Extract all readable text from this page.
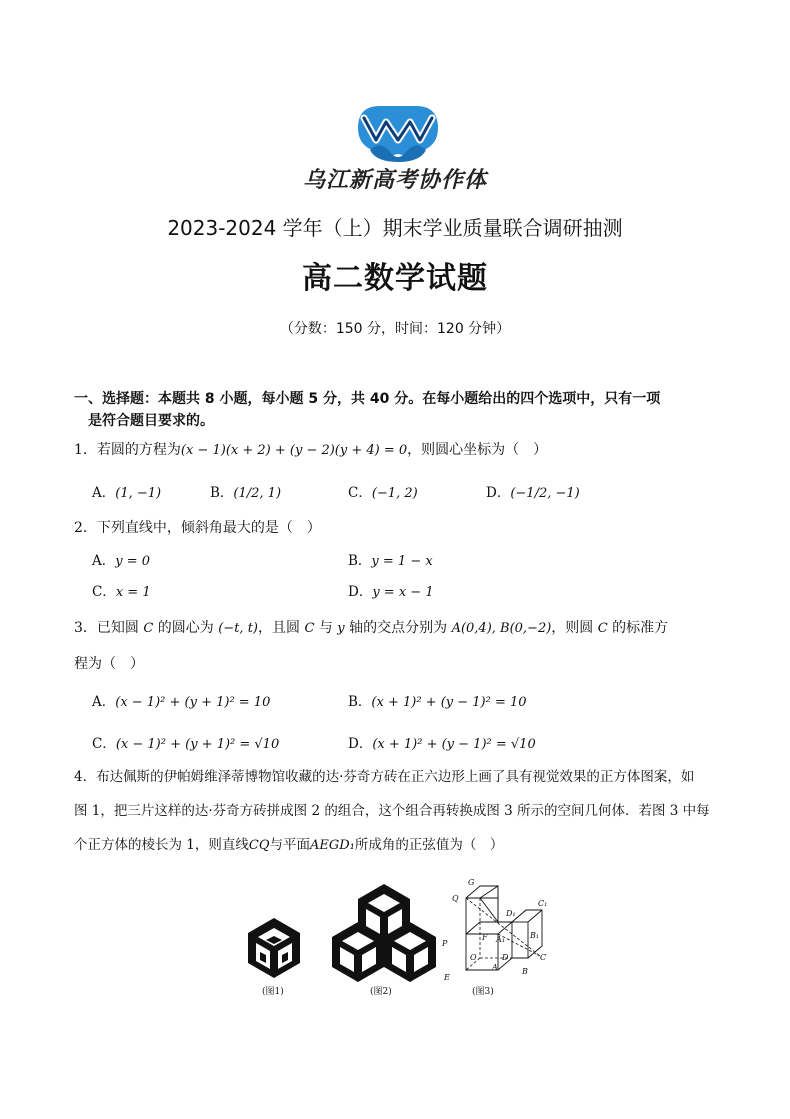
乌江新高考协作体
2023-2024 学年（上）期末学业质量联合调研抽测
高二数学试题
（分数：150 分，时间：120 分钟）
一、选择题：本题共 8 小题，每小题 5 分，共 40 分。在每小题给出的四个选项中，只有一项
是符合题目要求的。
1．若圆的方程为(x − 1)(x + 2) + (y − 2)(y + 4) = 0，则圆心坐标为（　）
A．(1, −1)	B．(1/2, 1)	C．(−1, 2)	D．(−1/2, −1)
2．下列直线中，倾斜角最大的是（　）
A．y = 0	B．y = 1 − x
C．x = 1	D．y = x − 1
3．已知圆 C 的圆心为 (−t, t)，且圆 C 与 y 轴的交点分别为 A(0,4), B(0,−2)，则圆 C 的标准方
程为（　）
A．(x − 1)² + (y + 1)² = 10	B．(x + 1)² + (y − 1)² = 10
C．(x − 1)² + (y + 1)² = √10	D．(x + 1)² + (y − 1)² = √10
4．布达佩斯的伊帕姆维泽蒂博物馆收藏的达·芬奇方砖在正六边形上画了具有视觉效果的正方体图案，如
图 1，把三片这样的达·芬奇方砖拼成图 2 的组合，这个组合再转换成图 3 所示的空间几何体．若图 3 中每
个正方体的棱长为 1，则直线CQ与平面AEGD₁所成角的正弦值为（　）
(图1)	(图2)
G
Q
D₁
C₁
B₁
A₁
F
P
O	D
A
C
B
E
(图3)
